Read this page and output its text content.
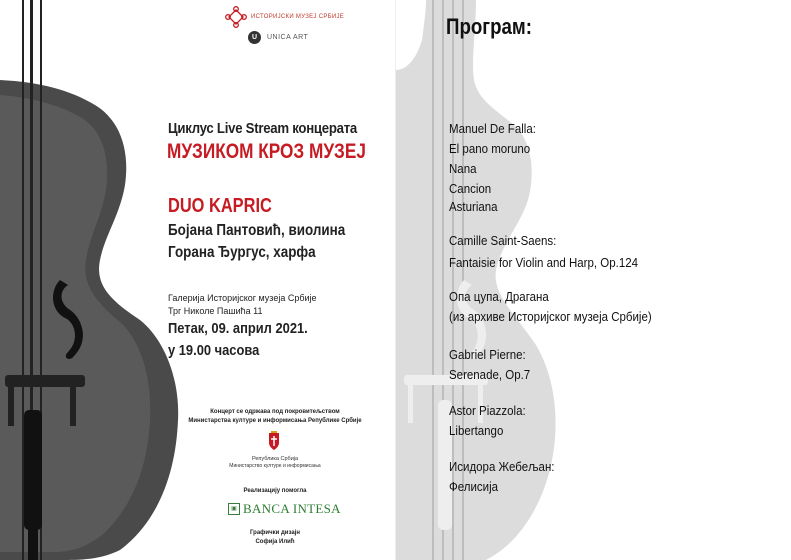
ИСТОРИЈСКИ МУЗЕЈ СРБИЈЕ
U	UNICA ART
Циклус Live Stream концерата
МУЗИКОМ КРОЗ МУЗЕЈ
DUO KAPRIC
Бојана Пантовић, виолина
Горана Ђургус, харфа
Галерија Историјског музеја Србије
Трг Николе Пашића 11
Петак, 09. април 2021.
у 19.00 часова
Концерт се одржава под покровитељством
Министарства културе и информисања Републике Србије
Република Србија
Министарство културе и информисања
Реализацију помогла
▣ BANCA INTESA
Графички дизајн
Софија Илић
Програм:
Manuel De Falla:
El pano moruno
Nana
Cancion
Asturiana
Camille Saint-Saens:
Fantaisie for Violin and Harp, Op.124
Опа цупа, Драгана
(из архиве Историјског музеја Србије)
Gabriel Pierne:
Serenade, Op.7
Astor Piazzola:
Libertango
Исидора Жебељан:
Фелисија
